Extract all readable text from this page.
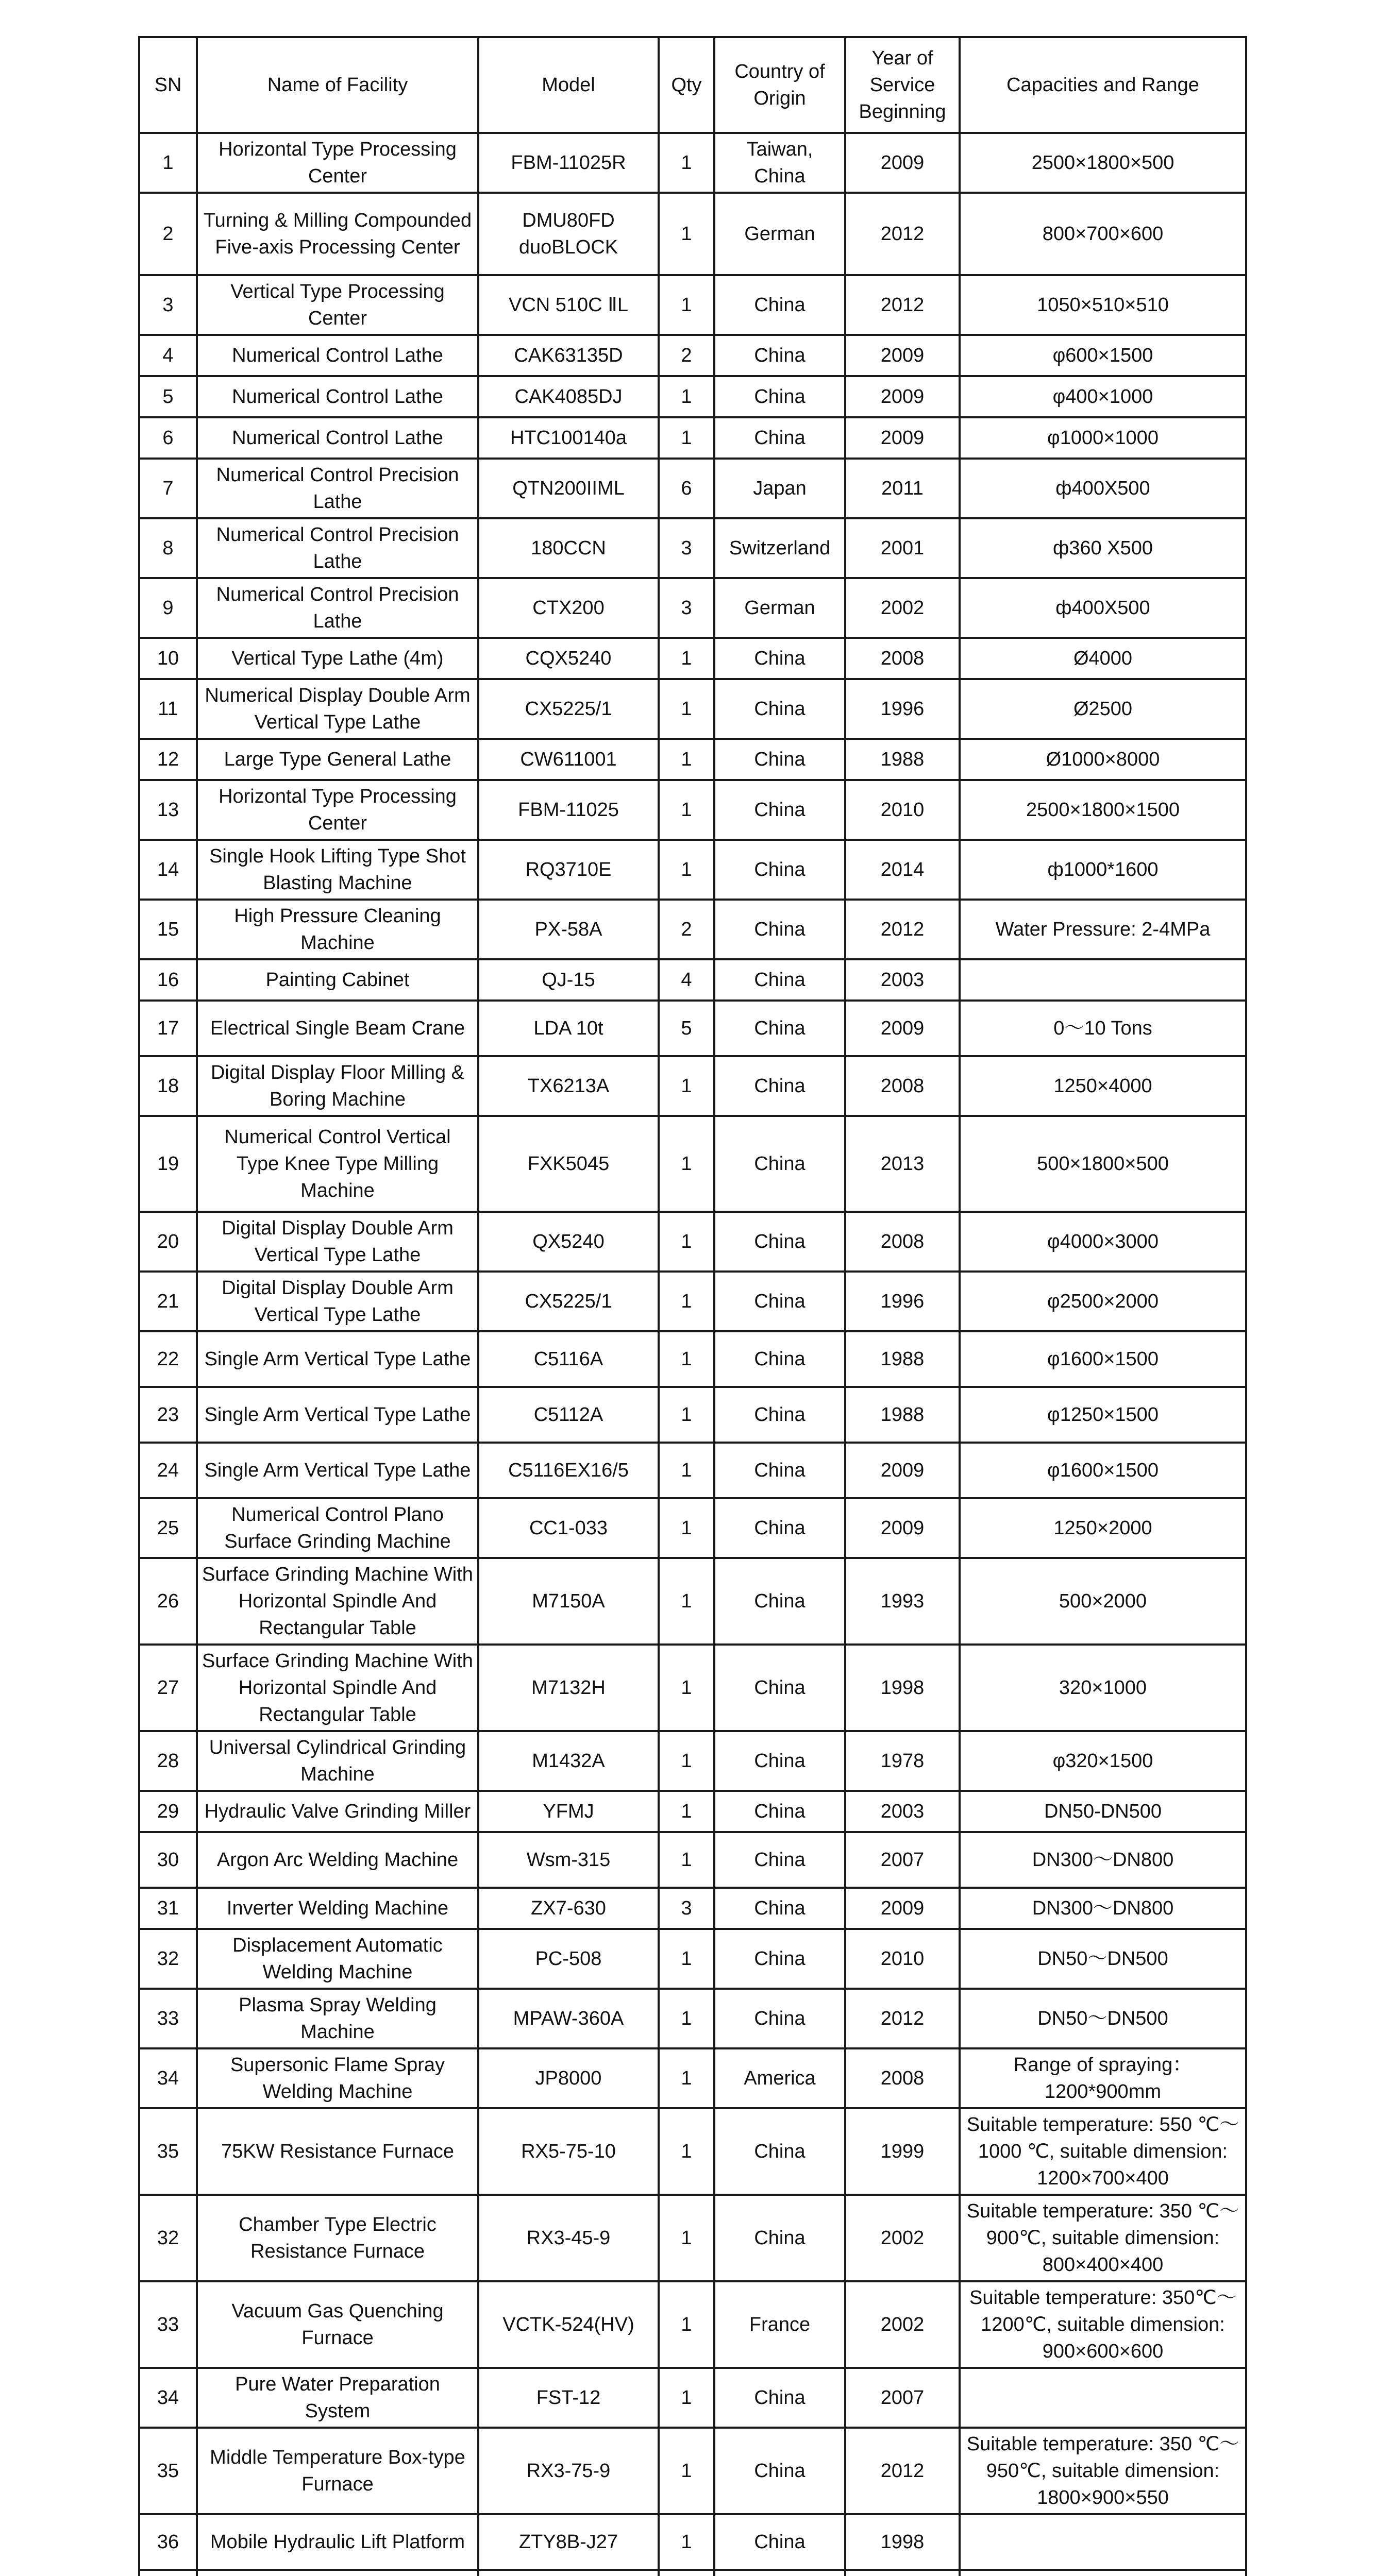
SN	Name of Facility	Model	Qty	Country of Origin	Year of Service Beginning	Capacities and Range
1	Horizontal Type Processing Center	FBM-11025R	1	Taiwan, China	2009	2500×1800×500
2	Turning & Milling Compounded Five-axis Processing Center	DMU80FD duoBLOCK	1	German	2012	800×700×600
3	Vertical Type Processing Center	VCN 510C ⅡL	1	China	2012	1050×510×510
4	Numerical Control Lathe	CAK63135D	2	China	2009	φ600×1500
5	Numerical Control Lathe	CAK4085DJ	1	China	2009	φ400×1000
6	Numerical Control Lathe	HTC100140a	1	China	2009	φ1000×1000
7	Numerical Control Precision Lathe	QTN200IIML	6	Japan	2011	ф400X500
8	Numerical Control Precision Lathe	180CCN	3	Switzerland	2001	ф360 X500
9	Numerical Control Precision Lathe	CTX200	3	German	2002	ф400X500
10	Vertical Type Lathe (4m)	CQX5240	1	China	2008	Ø4000
11	Numerical Display Double Arm Vertical Type Lathe	CX5225/1	1	China	1996	Ø2500
12	Large Type General Lathe	CW611001	1	China	1988	Ø1000×8000
13	Horizontal Type Processing Center	FBM-11025	1	China	2010	2500×1800×1500
14	Single Hook Lifting Type Shot Blasting Machine	RQ3710E	1	China	2014	ф1000*1600
15	High Pressure Cleaning Machine	PX-58A	2	China	2012	Water Pressure: 2-4MPa
16	Painting Cabinet	QJ-15	4	China	2003	
17	Electrical Single Beam Crane	LDA 10t	5	China	2009	0～10 Tons
18	Digital Display Floor Milling & Boring Machine	TX6213A	1	China	2008	1250×4000
19	Numerical Control Vertical Type Knee Type Milling Machine	FXK5045	1	China	2013	500×1800×500
20	Digital Display Double Arm Vertical Type Lathe	QX5240	1	China	2008	φ4000×3000
21	Digital Display Double Arm Vertical Type Lathe	CX5225/1	1	China	1996	φ2500×2000
22	Single Arm Vertical Type Lathe	C5116A	1	China	1988	φ1600×1500
23	Single Arm Vertical Type Lathe	C5112A	1	China	1988	φ1250×1500
24	Single Arm Vertical Type Lathe	C5116EX16/5	1	China	2009	φ1600×1500
25	Numerical Control Plano Surface Grinding Machine	CC1-033	1	China	2009	1250×2000
26	Surface Grinding Machine With Horizontal Spindle And Rectangular Table	M7150A	1	China	1993	500×2000
27	Surface Grinding Machine With Horizontal Spindle And Rectangular Table	M7132H	1	China	1998	320×1000
28	Universal Cylindrical Grinding Machine	M1432A	1	China	1978	φ320×1500
29	Hydraulic Valve Grinding Miller	YFMJ	1	China	2003	DN50-DN500
30	Argon Arc Welding Machine	Wsm-315	1	China	2007	DN300～DN800
31	Inverter Welding Machine	ZX7-630	3	China	2009	DN300～DN800
32	Displacement Automatic Welding Machine	PC-508	1	China	2010	DN50～DN500
33	Plasma Spray Welding Machine	MPAW-360A	1	China	2012	DN50～DN500
34	Supersonic Flame Spray Welding Machine	JP8000	1	America	2008	Range of spraying：1200*900mm
35	75KW Resistance Furnace	RX5-75-10	1	China	1999	Suitable temperature: 550 ℃～1000 ℃, suitable dimension: 1200×700×400
32	Chamber Type Electric Resistance Furnace	RX3-45-9	1	China	2002	Suitable temperature: 350 ℃～900℃, suitable dimension: 800×400×400
33	Vacuum Gas Quenching Furnace	VCTK-524(HV)	1	France	2002	Suitable temperature: 350℃～1200℃, suitable dimension: 900×600×600
34	Pure Water Preparation System	FST-12	1	China	2007	
35	Middle Temperature Box-type Furnace	RX3-75-9	1	China	2012	Suitable temperature: 350 ℃～950℃, suitable dimension: 1800×900×550
36	Mobile Hydraulic Lift Platform	ZTY8B-J27	1	China	1998	
